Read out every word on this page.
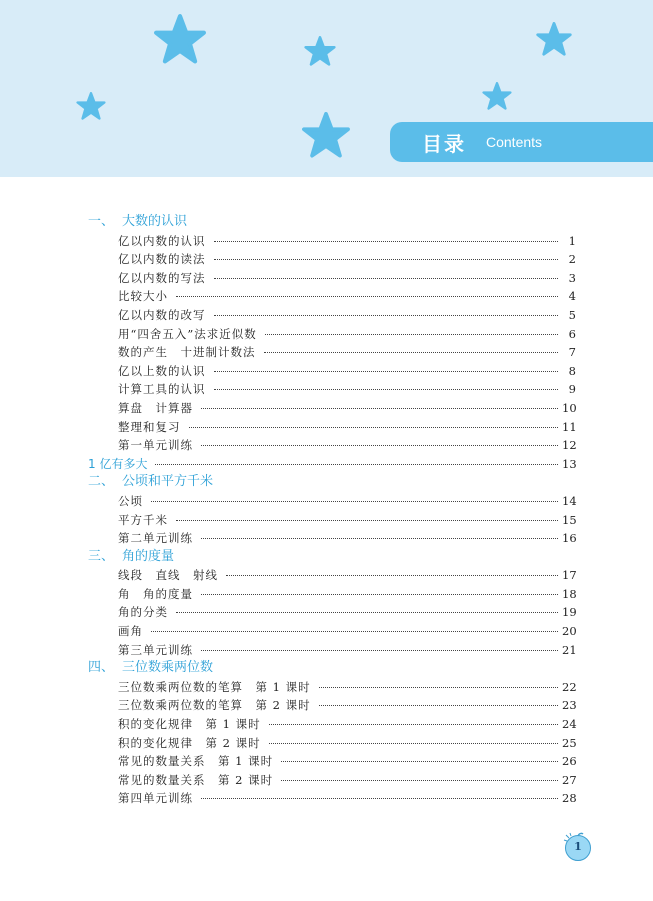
目录 Contents
一、 大数的认识
亿以内数的认识	1
亿以内数的读法	2
亿以内数的写法	3
比较大小	4
亿以内数的改写	5
用“四舍五入”法求近似数	6
数的产生　十进制计数法	7
亿以上数的认识	8
计算工具的认识	9
算盘　计算器	10
整理和复习	11
第一单元训练	12
1 亿有多大	13
二、 公顷和平方千米
公顷	14
平方千米	15
第二单元训练	16
三、 角的度量
线段　直线　射线	17
角　角的度量	18
角的分类	19
画角	20
第三单元训练	21
四、 三位数乘两位数
三位数乘两位数的笔算　第 1 课时	22
三位数乘两位数的笔算　第 2 课时	23
积的变化规律　第 1 课时	24
积的变化规律　第 2 课时	25
常见的数量关系　第 1 课时	26
常见的数量关系　第 2 课时	27
第四单元训练	28
1
